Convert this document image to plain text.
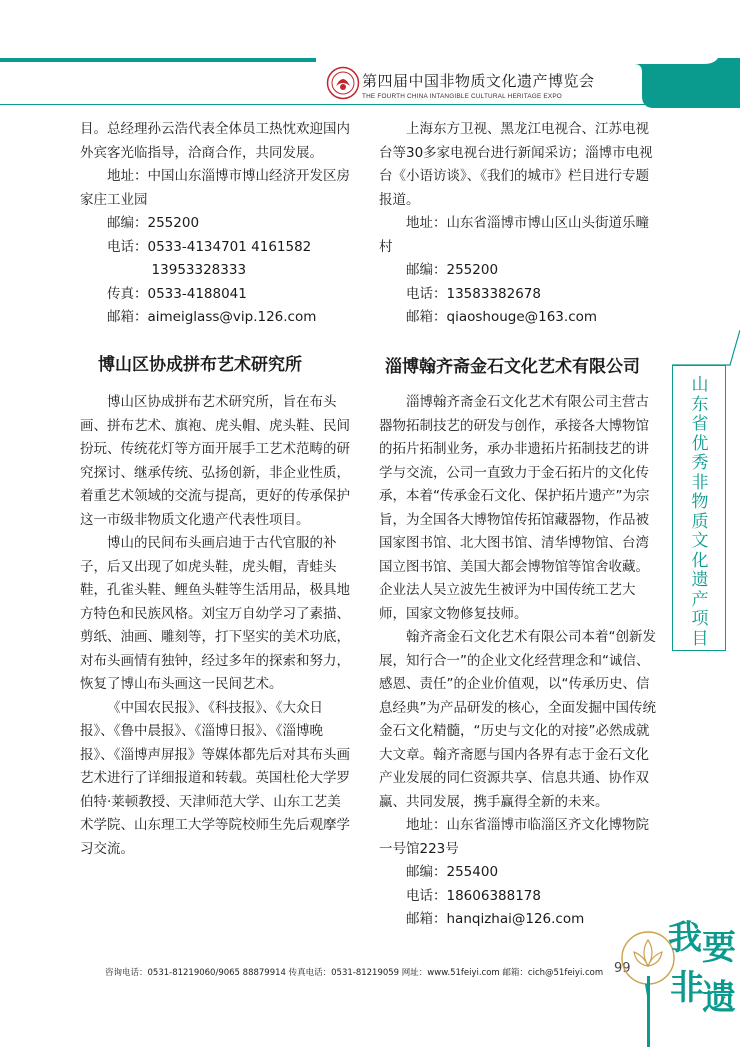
第四届中国非物质文化遗产博览会
THE FOURTH CHINA INTANGIBLE CULTURAL HERITAGE EXPO

目。总经理孙云浩代表全体员工热忱欢迎国内外宾客光临指导，洽商合作，共同发展。

地址：中国山东淄博市博山经济开发区房家庄工业园

邮编：255200

电话：0533-4134701 4161582

13953328333

传真：0533-4188041

邮箱：aimeiglass@vip.126.com

博山区协成拼布艺术研究所

博山区协成拼布艺术研究所，旨在布头画、拼布艺术、旗袍、虎头帽、虎头鞋、民间扮玩、传统花灯等方面开展手工艺术范畴的研究探讨、继承传统、弘扬创新，非企业性质，着重艺术领域的交流与提高，更好的传承保护这一市级非物质文化遗产代表性项目。

博山的民间布头画启迪于古代官服的补子，后又出现了如虎头鞋，虎头帽，青蛙头鞋，孔雀头鞋、鲤鱼头鞋等生活用品，极具地方特色和民族风格。刘宝万自幼学习了素描、剪纸、油画、雕刻等，打下坚实的美术功底，对布头画情有独钟，经过多年的探索和努力，恢复了博山布头画这一民间艺术。

《中国农民报》、《科技报》、《大众日报》、《鲁中晨报》、《淄博日报》、《淄博晚报》、《淄博声屏报》等媒体都先后对其布头画艺术进行了详细报道和转载。英国杜伦大学罗伯特·莱顿教授、天津师范大学、山东工艺美术学院、山东理工大学等院校师生先后观摩学习交流。

上海东方卫视、黑龙江电视合、江苏电视台等30多家电视台进行新闻采访；淄博市电视台《小语访谈》、《我们的城市》栏目进行专题报道。

地址：山东省淄博市博山区山头街道乐疃村

邮编：255200

电话：13583382678

邮箱：qiaoshouge@163.com

淄博翰齐斋金石文化艺术有限公司

淄博翰齐斋金石文化艺术有限公司主营古器物拓制技艺的研发与创作，承接各大博物馆的拓片拓制业务，承办非遗拓片拓制技艺的讲学与交流，公司一直致力于金石拓片的文化传承，本着“传承金石文化、保护拓片遗产”为宗旨，为全国各大博物馆传拓馆藏器物，作品被国家图书馆、北大图书馆、清华博物馆、台湾国立图书馆、美国大都会博物馆等馆舍收藏。企业法人吴立波先生被评为中国传统工艺大师，国家文物修复技师。

翰齐斋金石文化艺术有限公司本着“创新发展，知行合一”的企业文化经营理念和“诚信、感恩、责任”的企业价值观，以“传承历史、信息经典”为产品研发的核心，全面发掘中国传统金石文化精髓，“历史与文化的对接”必然成就大文章。翰齐斋愿与国内各界有志于金石文化产业发展的同仁资源共享、信息共通、协作双赢、共同发展，携手赢得全新的未来。

地址：山东省淄博市临淄区齐文化博物院一号馆223号

邮编：255400

电话：18606388178

邮箱：hanqizhai@126.com

山
东
省
优
秀
非
物
质
文
化
遗
产
项
目
咨询电话：0531-81219060/9065 88879914 传真电话：0531-81219059 网址：www.51feiyi.com 邮箱：cich@51feiyi.com 99
我 要
非
遗
